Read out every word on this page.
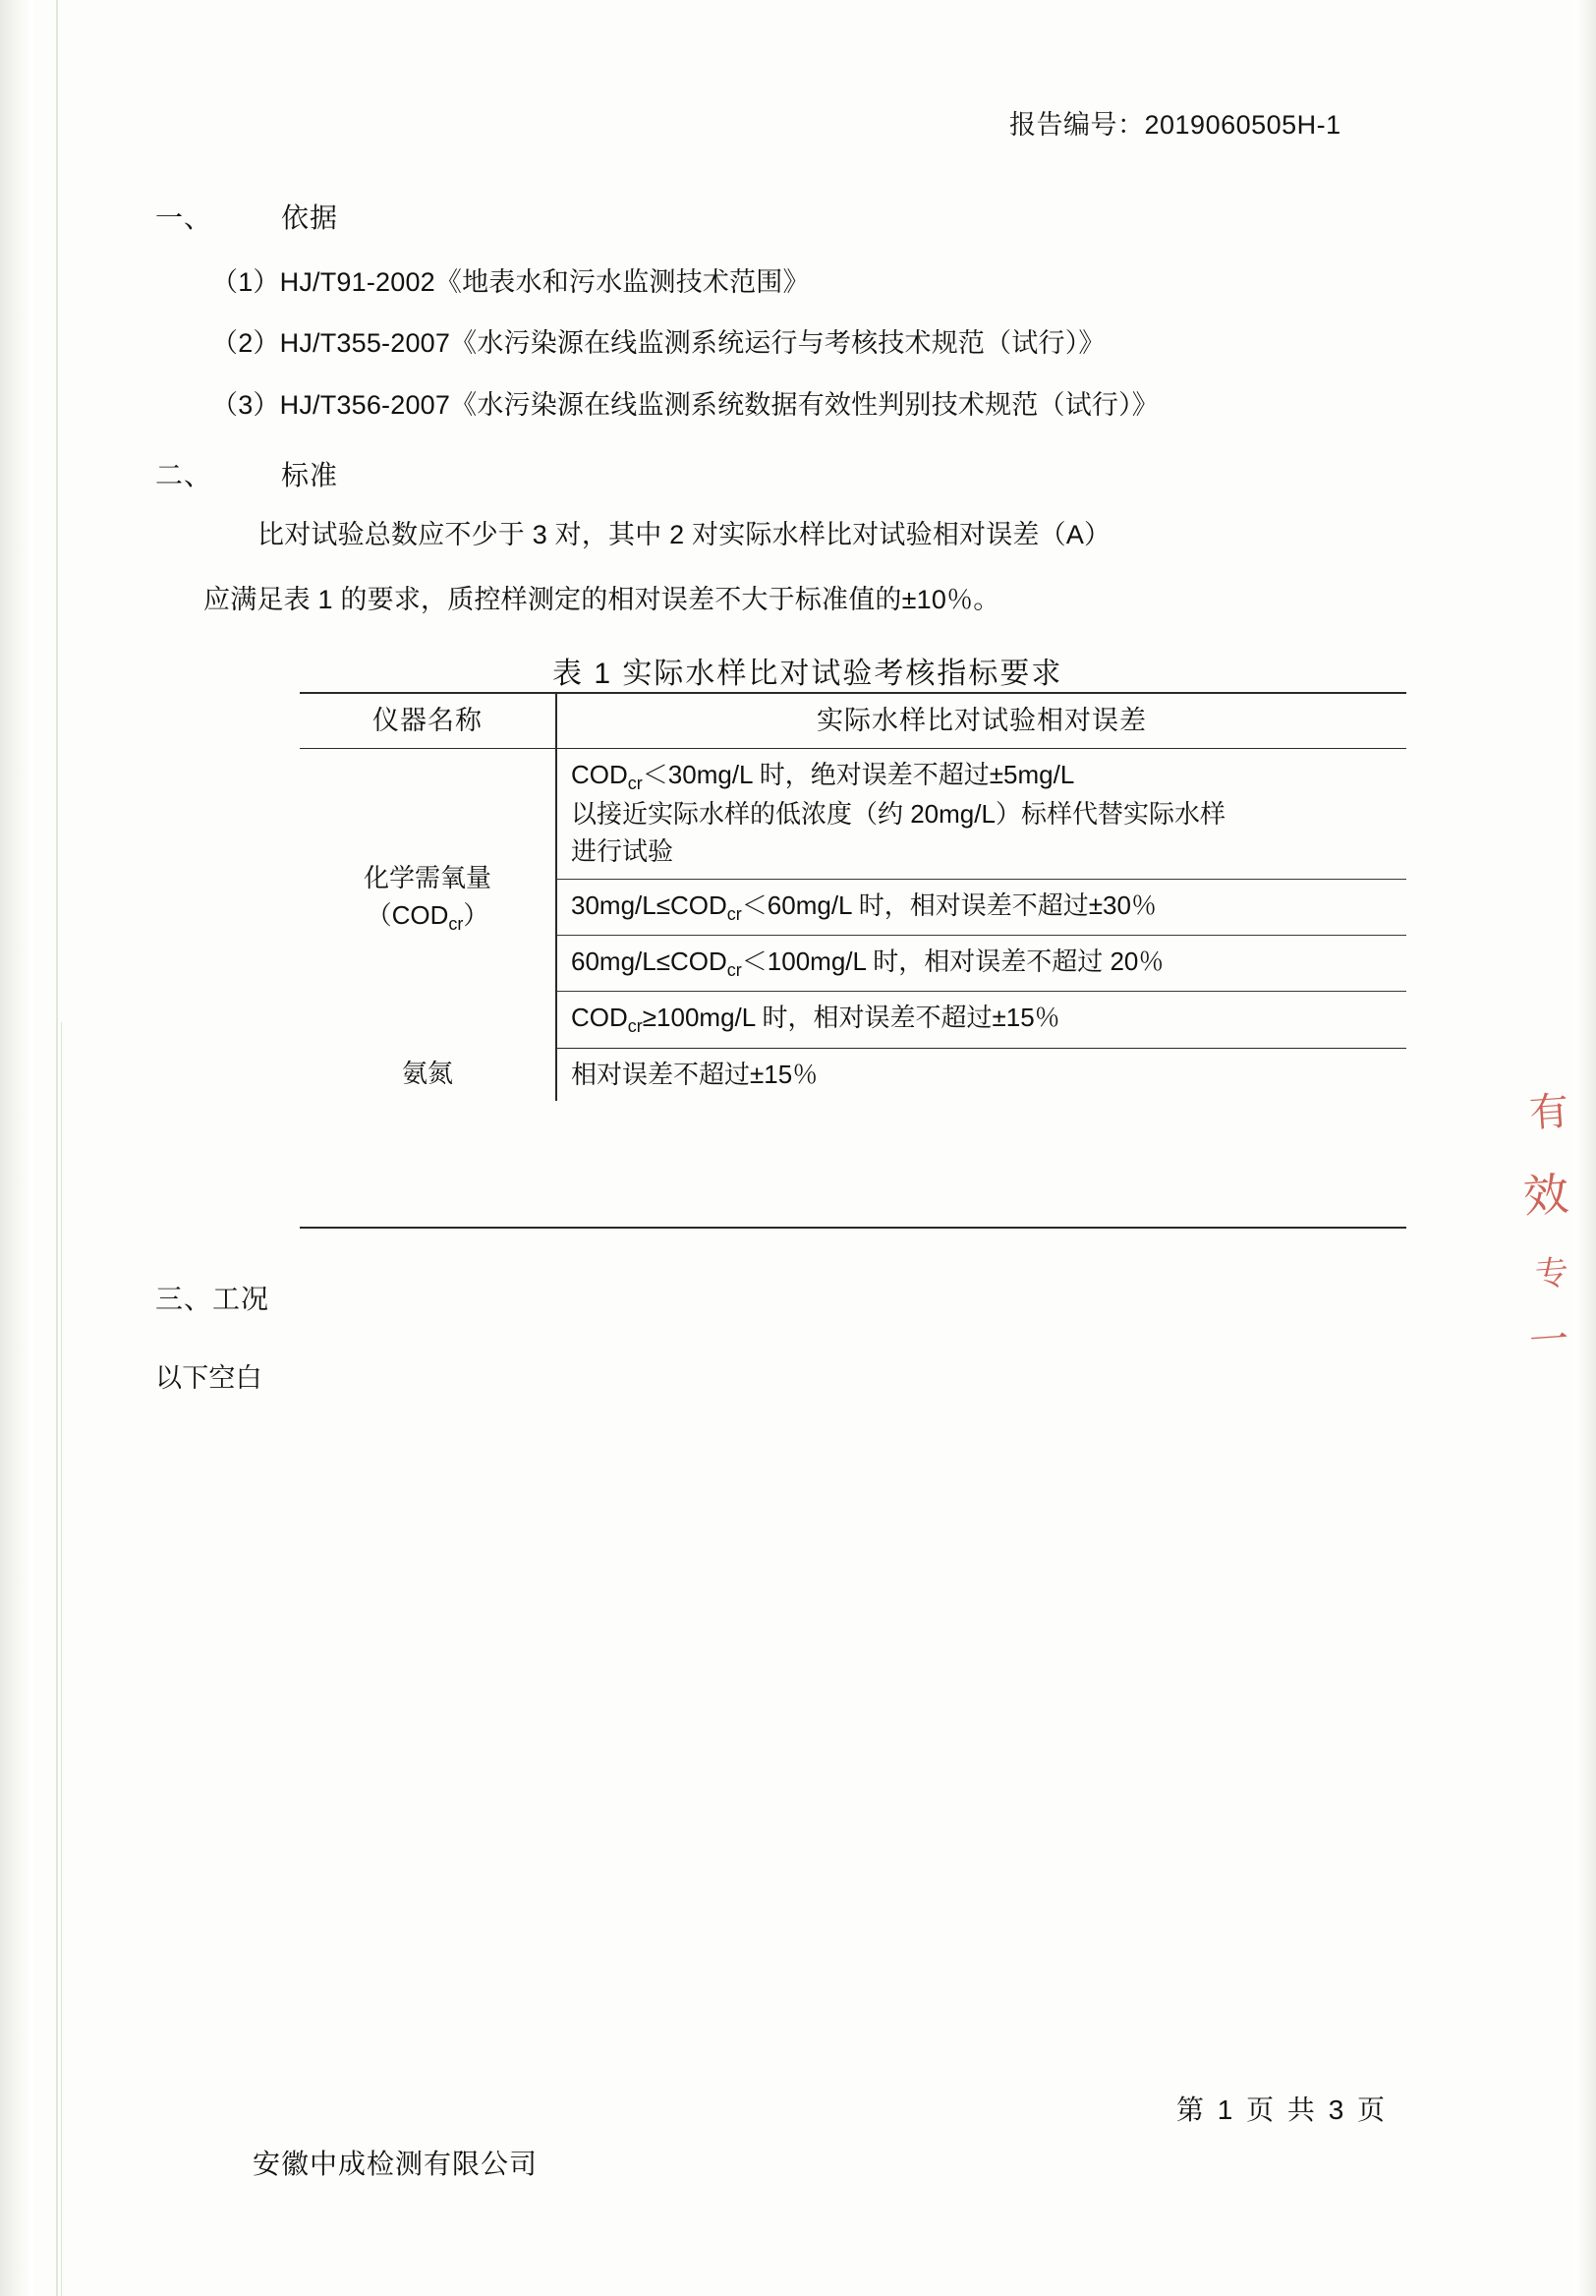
报告编号：2019060505H-1
一、 依据
（1）HJ/T91-2002《地表水和污水监测技术范围》
（2）HJ/T355-2007《水污染源在线监测系统运行与考核技术规范（试行）》
（3）HJ/T356-2007《水污染源在线监测系统数据有效性判别技术规范（试行）》
二、 标准
比对试验总数应不少于 3 对，其中 2 对实际水样比对试验相对误差（A）
应满足表 1 的要求，质控样测定的相对误差不大于标准值的±10％。
表 1 实际水样比对试验考核指标要求
仪器名称	实际水样比对试验相对误差
化学需氧量$(COD_{cr})$	$COD_{cr}<30mg/L$ 时，绝对误差不超过±5mg/L
以接近实际水样的低浓度（约 20mg/L）标样代替实际水样
进行试验
	$30mg/L\le COD_{cr}<60mg/L$ 时，相对误差不超过±30％
	$60mg/L\le COD_{cr}<100mg/L$ 时，相对误差不超过 20％
	$COD_{cr}\ge 100mg/L$ 时，相对误差不超过±15％
氨氮	相对误差不超过±15％
三、工况
以下空白
安徽中成检测有限公司
第 1 页 共 3 页
有
效
专
一
